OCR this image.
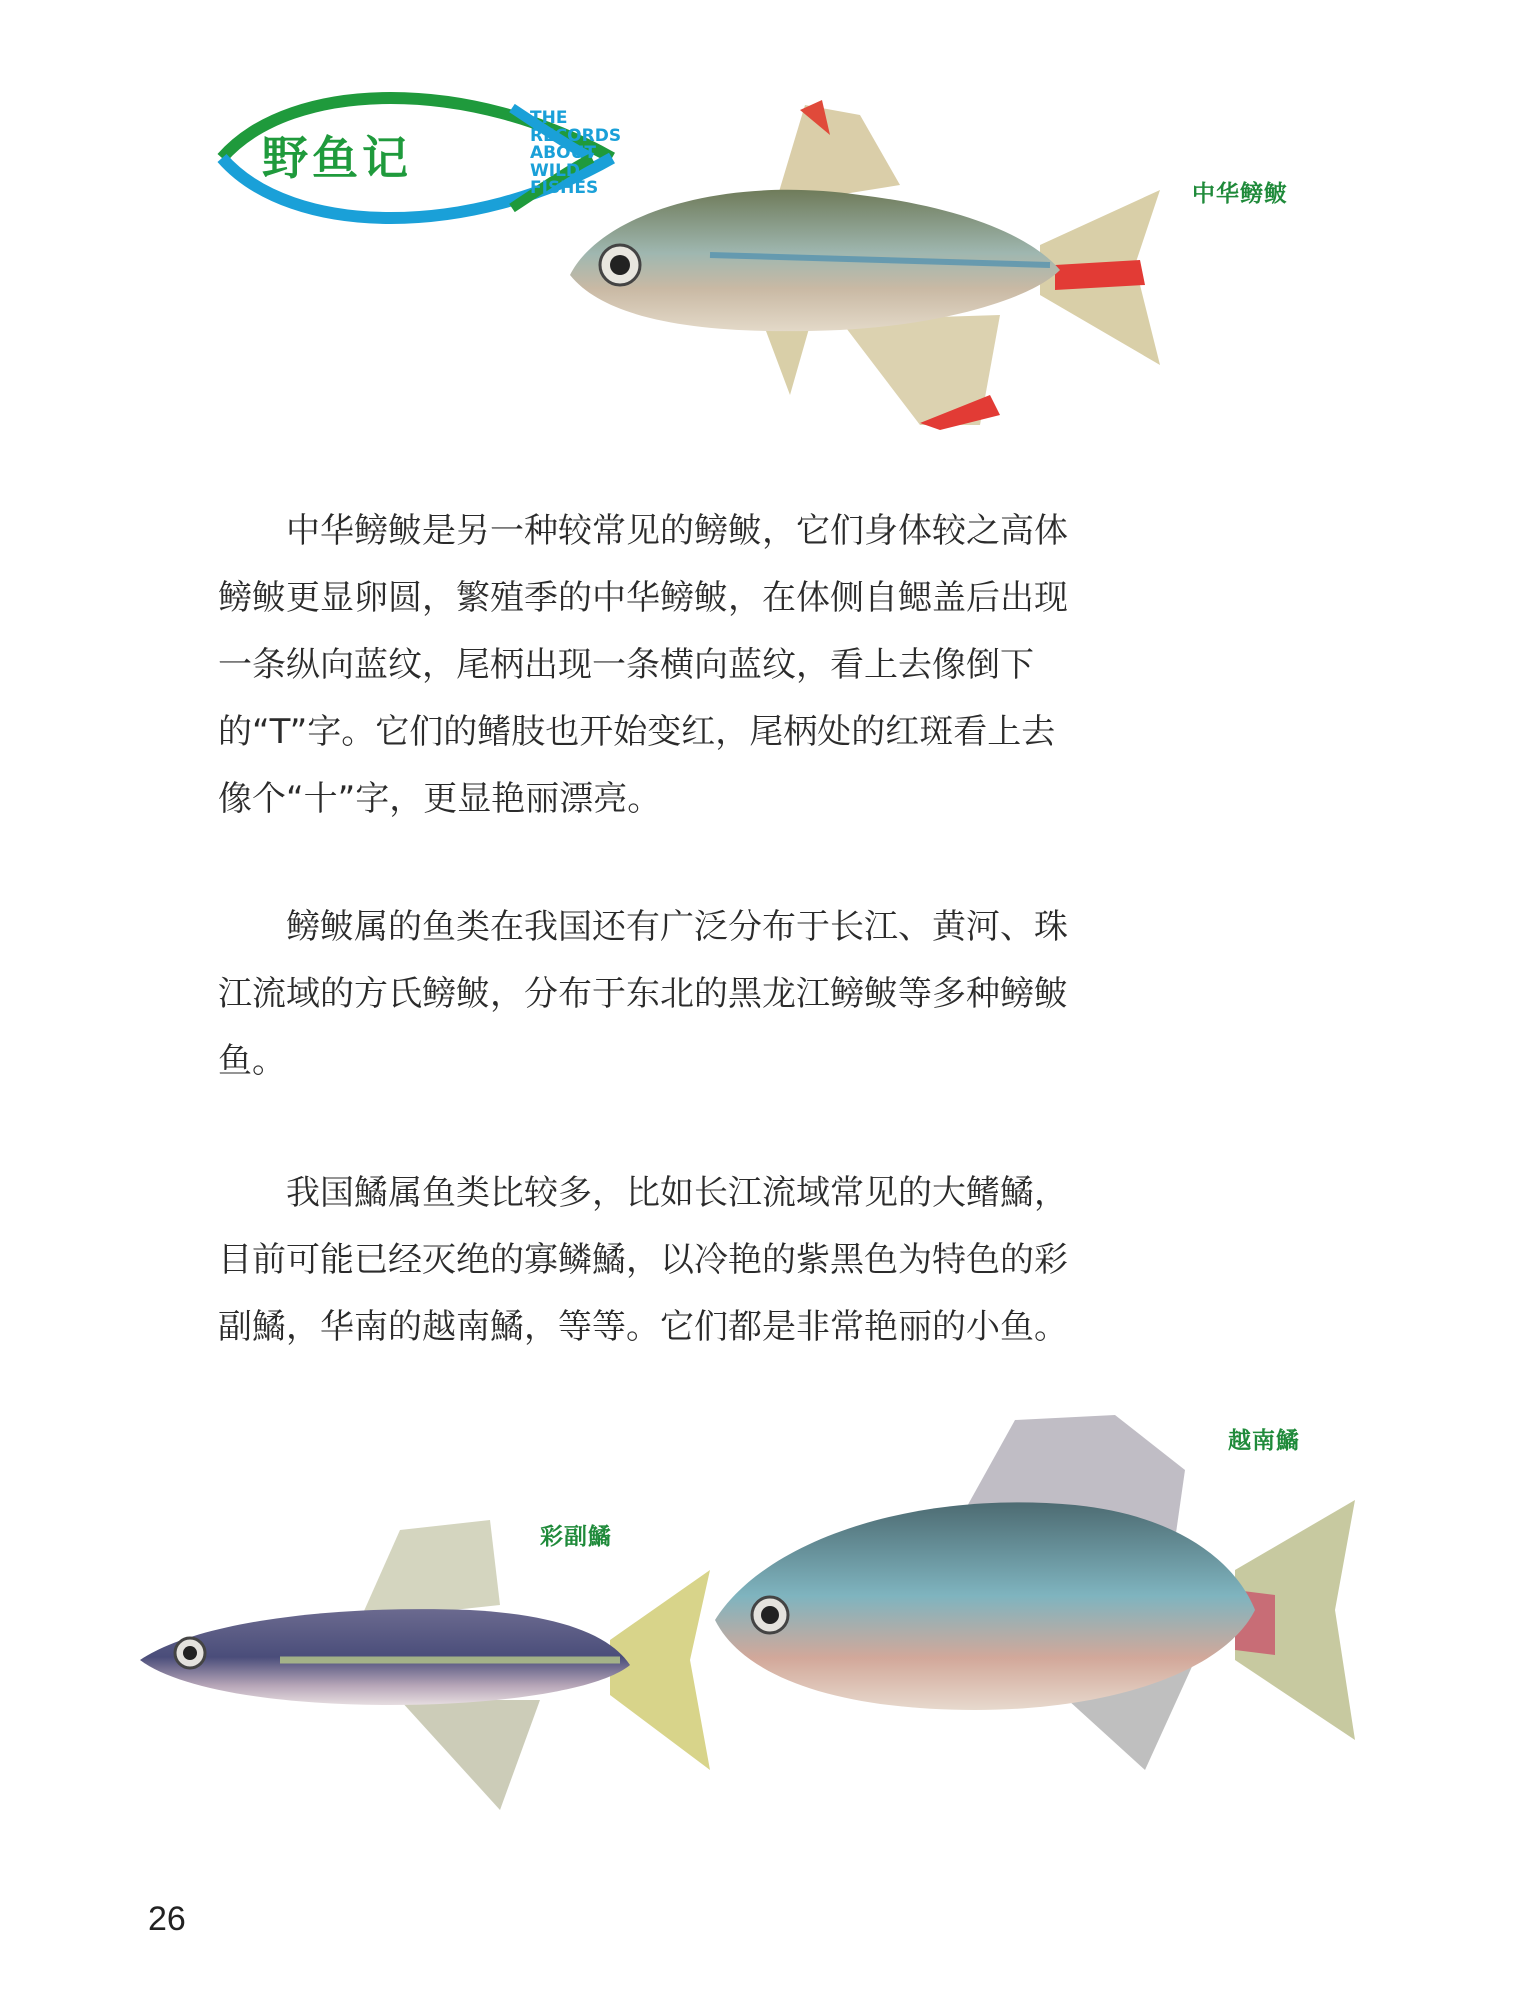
野鱼记
THE
RECORDS
ABOUT
WILD
FISHES	中华鳑鲏

中华鳑鲏是另一种较常见的鳑鲏，它们身体较之高体鳑鲏更显卵圆，繁殖季的中华鳑鲏，在体侧自鳃盖后出现一条纵向蓝纹，尾柄出现一条横向蓝纹，看上去像倒下的“T”字。它们的鳍肢也开始变红，尾柄处的红斑看上去像个“十”字，更显艳丽漂亮。

鳑鲏属的鱼类在我国还有广泛分布于长江、黄河、珠江流域的方氏鳑鲏，分布于东北的黑龙江鳑鲏等多种鳑鲏鱼。

我国鱊属鱼类比较多，比如长江流域常见的大鳍鱊，目前可能已经灭绝的寡鳞鱊，以冷艳的紫黑色为特色的彩副鱊，华南的越南鱊，等等。它们都是非常艳丽的小鱼。

彩副鱊
越南鱊
26
